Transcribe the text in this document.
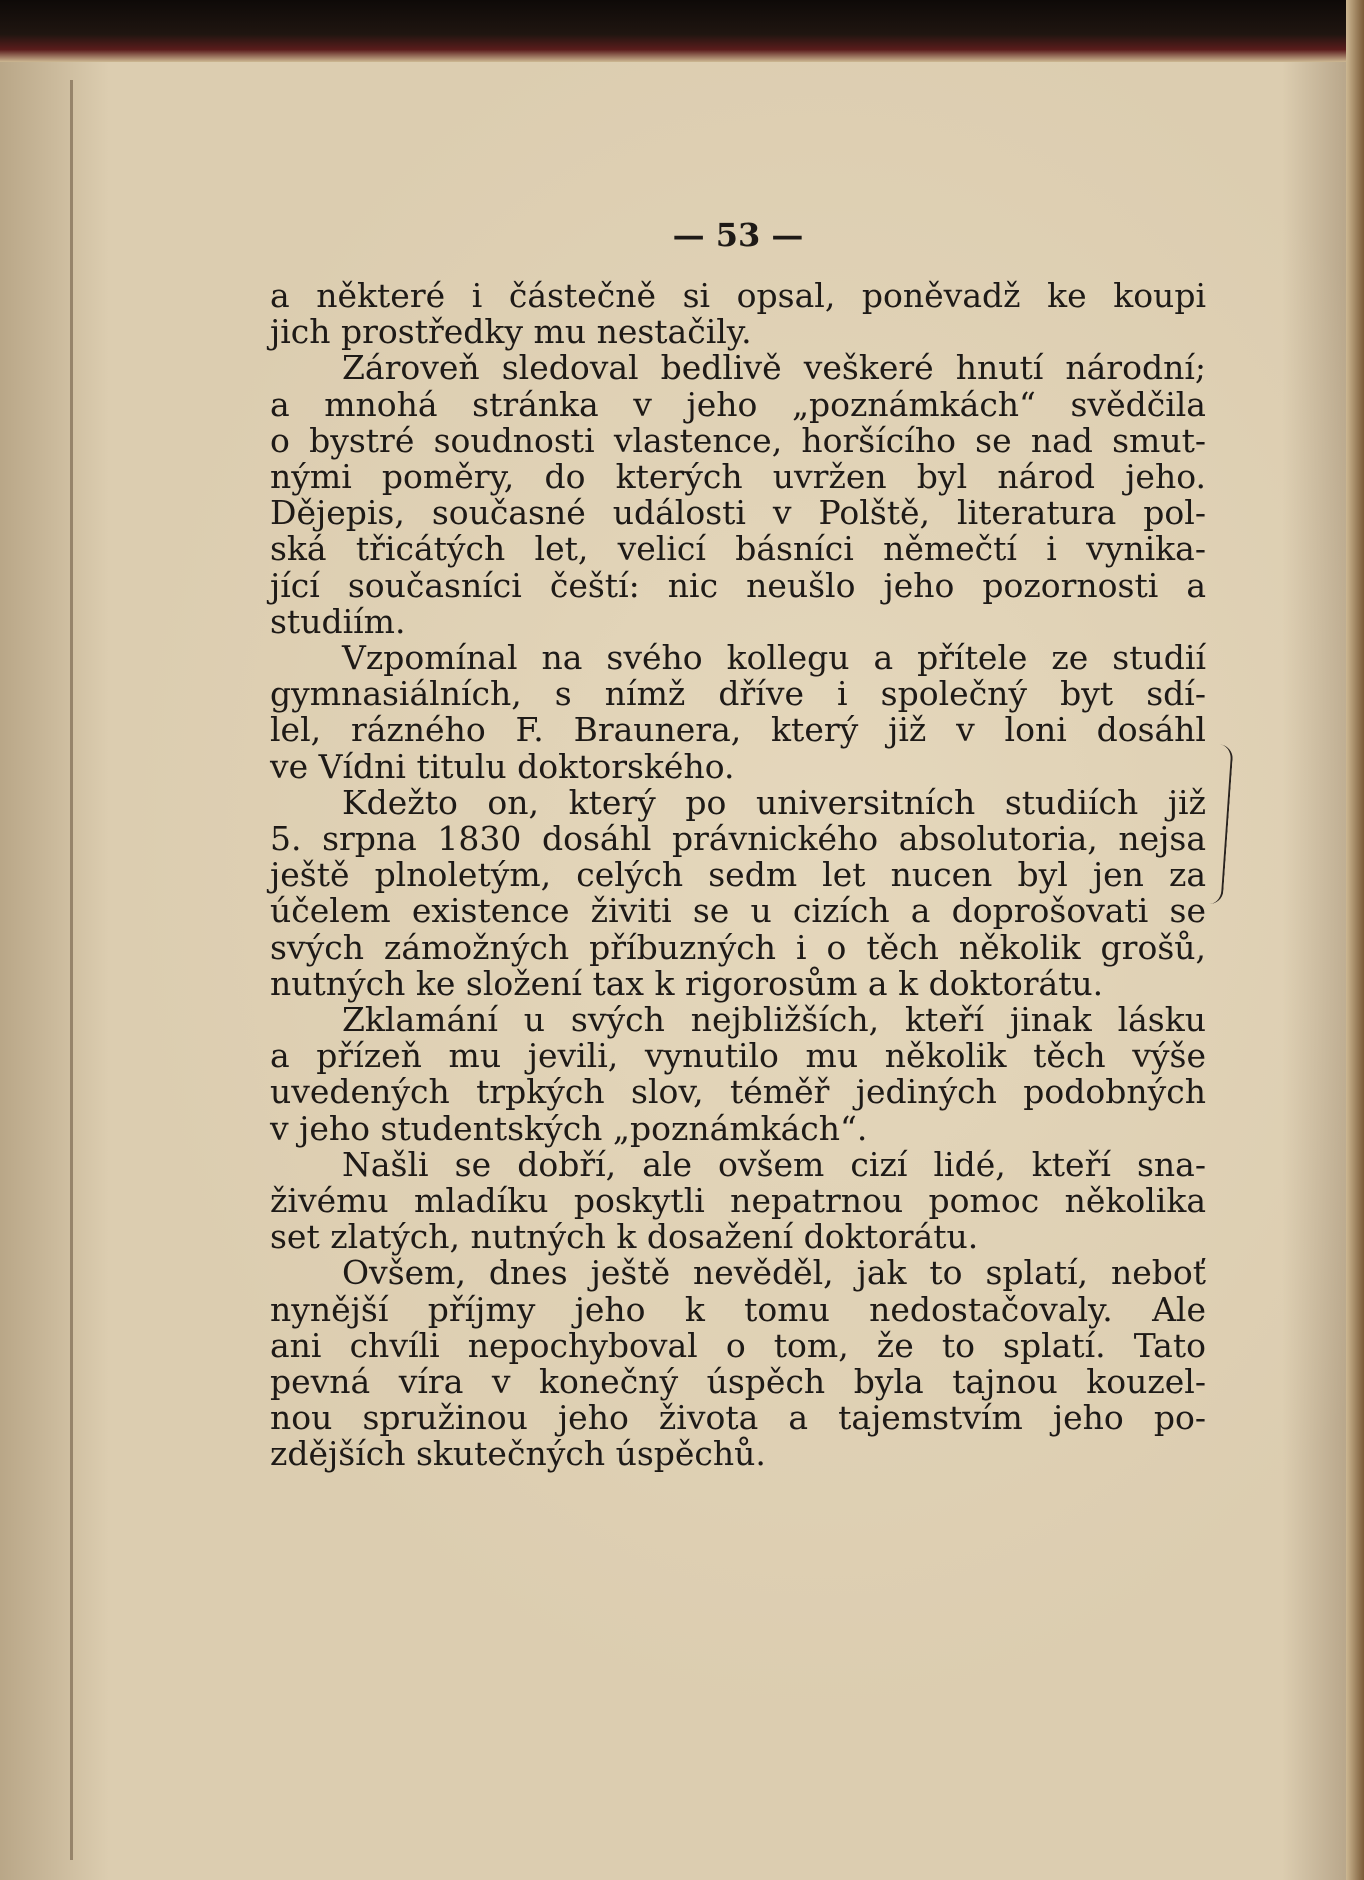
— 53 —
a některé i částečně si opsal, poněvadž ke koupi
jich prostředky mu nestačily.
Zároveň sledoval bedlivě veškeré hnutí národní;
a mnohá stránka v jeho „poznámkách“ svědčila
o bystré soudnosti vlastence, horšícího se nad smut-
nými poměry, do kterých uvržen byl národ jeho.
Dějepis, současné události v Polště, literatura pol-
ská třicátých let, velicí básníci němečtí i vynika-
jící současníci čeští: nic neušlo jeho pozornosti a
studiím.
Vzpomínal na svého kollegu a přítele ze studií
gymnasiálních, s nímž dříve i společný byt sdí-
lel, rázného F. Braunera, který již v loni dosáhl
ve Vídni titulu doktorského.
Kdežto on, který po universitních studiích již
5. srpna 1830 dosáhl právnického absolutoria, nejsa
ještě plnoletým, celých sedm let nucen byl jen za
účelem existence živiti se u cizích a doprošovati se
svých zámožných příbuzných i o těch několik grošů,
nutných ke složení tax k rigorosům a k doktorátu.
Zklamání u svých nejbližších, kteří jinak lásku
a přízeň mu jevili, vynutilo mu několik těch výše
uvedených trpkých slov, téměř jediných podobných
v jeho studentských „poznámkách“.
Našli se dobří, ale ovšem cizí lidé, kteří sna-
živému mladíku poskytli nepatrnou pomoc několika
set zlatých, nutných k dosažení doktorátu.
Ovšem, dnes ještě nevěděl, jak to splatí, neboť
nynější příjmy jeho k tomu nedostačovaly. Ale
ani chvíli nepochyboval o tom, že to splatí. Tato
pevná víra v konečný úspěch byla tajnou kouzel-
nou spružinou jeho života a tajemstvím jeho po-
zdějších skutečných úspěchů.
